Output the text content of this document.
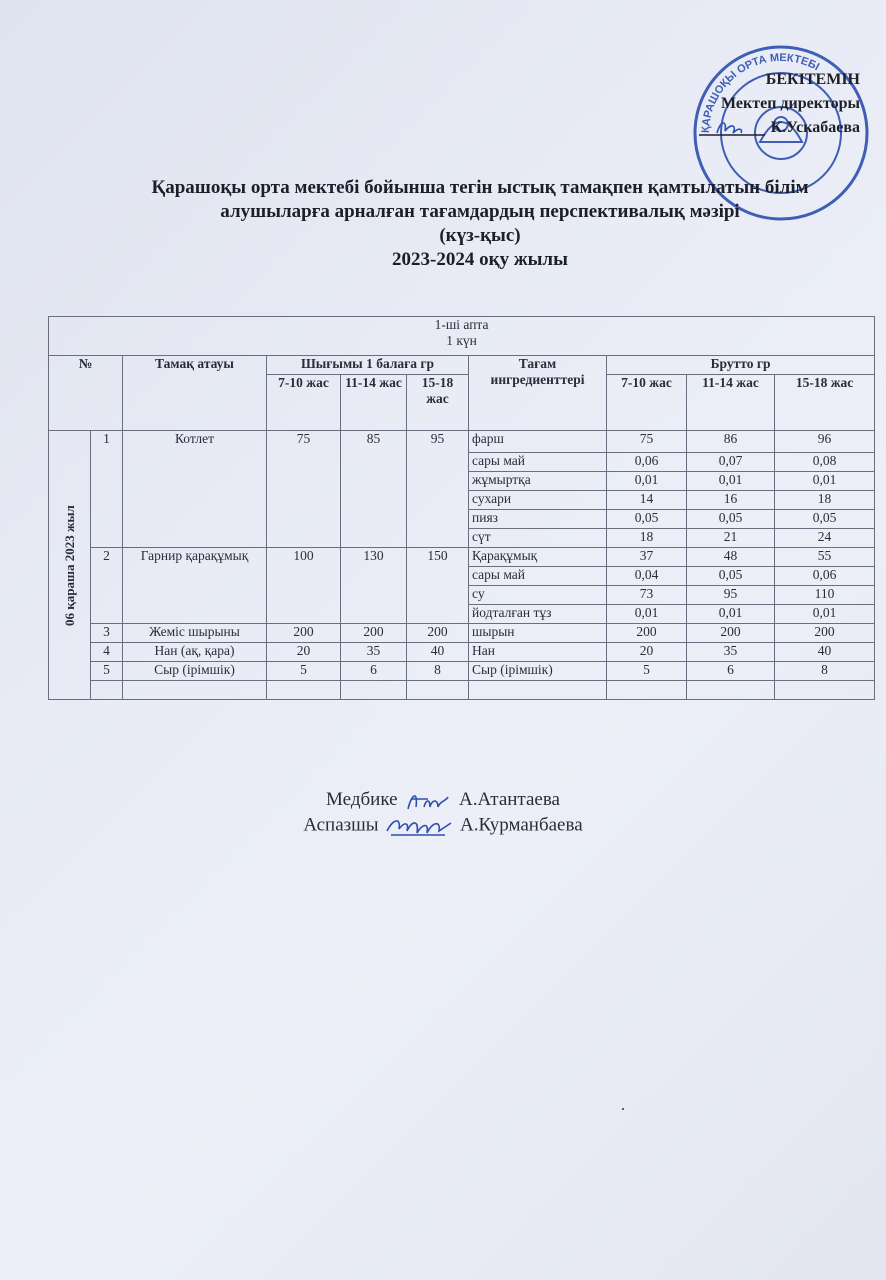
ҚАРАШОҚЫ ОРТА МЕКТЕБІ
БЕКІТЕМІН
Мектеп директоры
К.Ускабаева
Қарашоқы орта мектебі бойынша тегін ыстық тамақпен қамтылатын білім
алушыларға арналған тағамдардың перспективалық мәзірі
(күз-қыс)
2023-2024 оқу жылы
1-ші апта
1 күн									

№		Тамақ атауы	Шығымы 1 балаға гр			Тағам ингредиенттері	Брутто гр		
			7-10 жас	11-14 жас	15-18 жас		7-10 жас	11-14 жас	15-18 жас
06 қараша 2023 жыл	1	Котлет	75	85	95	фарш	75	86	96
						сары май	0,06	0,07	0,08
						жұмыртқа	0,01	0,01	0,01
						сухари	14	16	18
						пияз	0,05	0,05	0,05
						сүт	18	21	24
	2	Гарнир қарақұмық	100	130	150	Қарақұмық	37	48	55
						сары май	0,04	0,05	0,06
						су	73	95	110
						йодталған тұз	0,01	0,01	0,01
	3	Жеміс шырыны	200	200	200	шырын	200	200	200
	4	Нан (ақ, қара)	20	35	40	Нан	20	35	40
	5	Сыр (ірімшік)	5	6	8	Сыр (ірімшік)	5	6	8

Медбике	А.Атантаева
Аспазшы	А.Курманбаева
